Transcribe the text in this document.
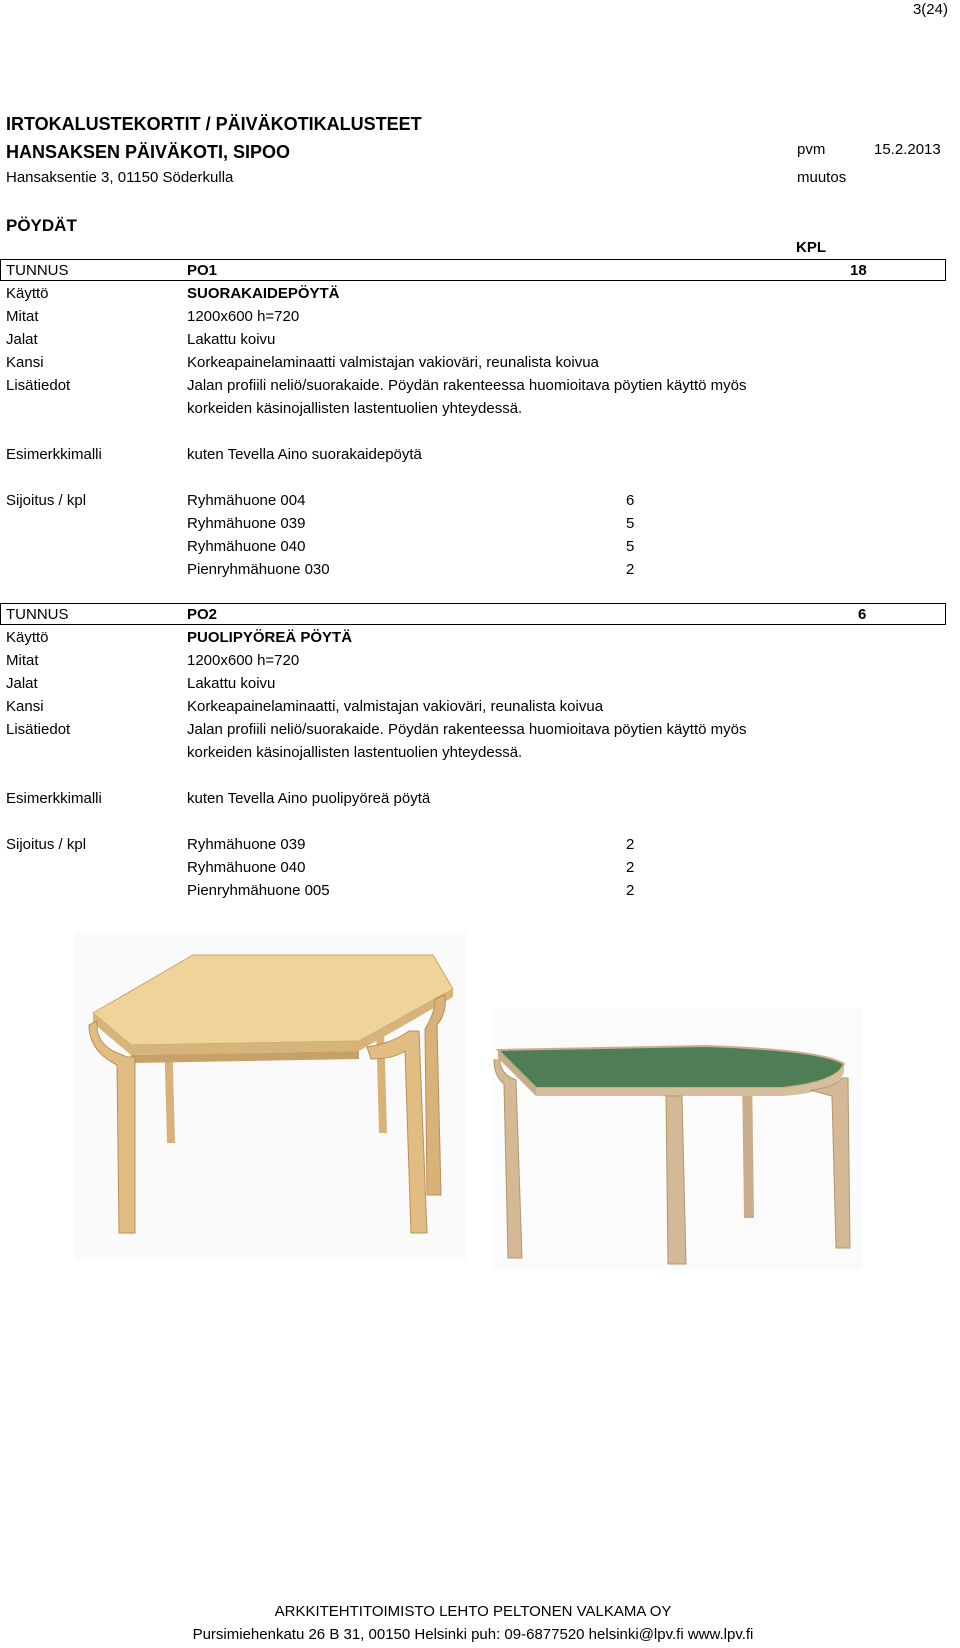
3(24)
IRTOKALUSTEKORTIT / PÄIVÄKOTIKALUSTEET
HANSAKSEN PÄIVÄKOTI, SIPOO
Hansaksentie 3, 01150 Söderkulla
pvm	15.2.2013
muutos
PÖYDÄT
KPL
TUNNUS	PO1	18
Käyttö	SUORAKAIDEPÖYTÄ
Mitat	1200x600 h=720
Jalat	Lakattu koivu
Kansi	Korkeapainelaminaatti valmistajan vakioväri, reunalista koivua
Lisätiedot	Jalan profiili neliö/suorakaide. Pöydän rakenteessa huomioitava pöytien käyttö myös
korkeiden käsinojallisten lastentuolien yhteydessä.
Esimerkkimalli	kuten Tevella Aino suorakaidepöytä
Sijoitus / kpl	Ryhmähuone 004	6
Ryhmähuone 039	5
Ryhmähuone 040	5
Pienryhmähuone 030	2
TUNNUS	PO2	6
Käyttö	PUOLIPYÖREÄ PÖYTÄ
Mitat	1200x600 h=720
Jalat	Lakattu koivu
Kansi	Korkeapainelaminaatti, valmistajan vakioväri, reunalista koivua
Lisätiedot	Jalan profiili neliö/suorakaide. Pöydän rakenteessa huomioitava pöytien käyttö myös
korkeiden käsinojallisten lastentuolien yhteydessä.
Esimerkkimalli	kuten Tevella Aino puolipyöreä pöytä
Sijoitus / kpl	Ryhmähuone 039	2
Ryhmähuone 040	2
Pienryhmähuone 005	2
ARKKITEHTITOIMISTO LEHTO PELTONEN VALKAMA OY
Pursimiehenkatu 26 B 31, 00150 Helsinki puh: 09-6877520 helsinki@lpv.fi www.lpv.fi
